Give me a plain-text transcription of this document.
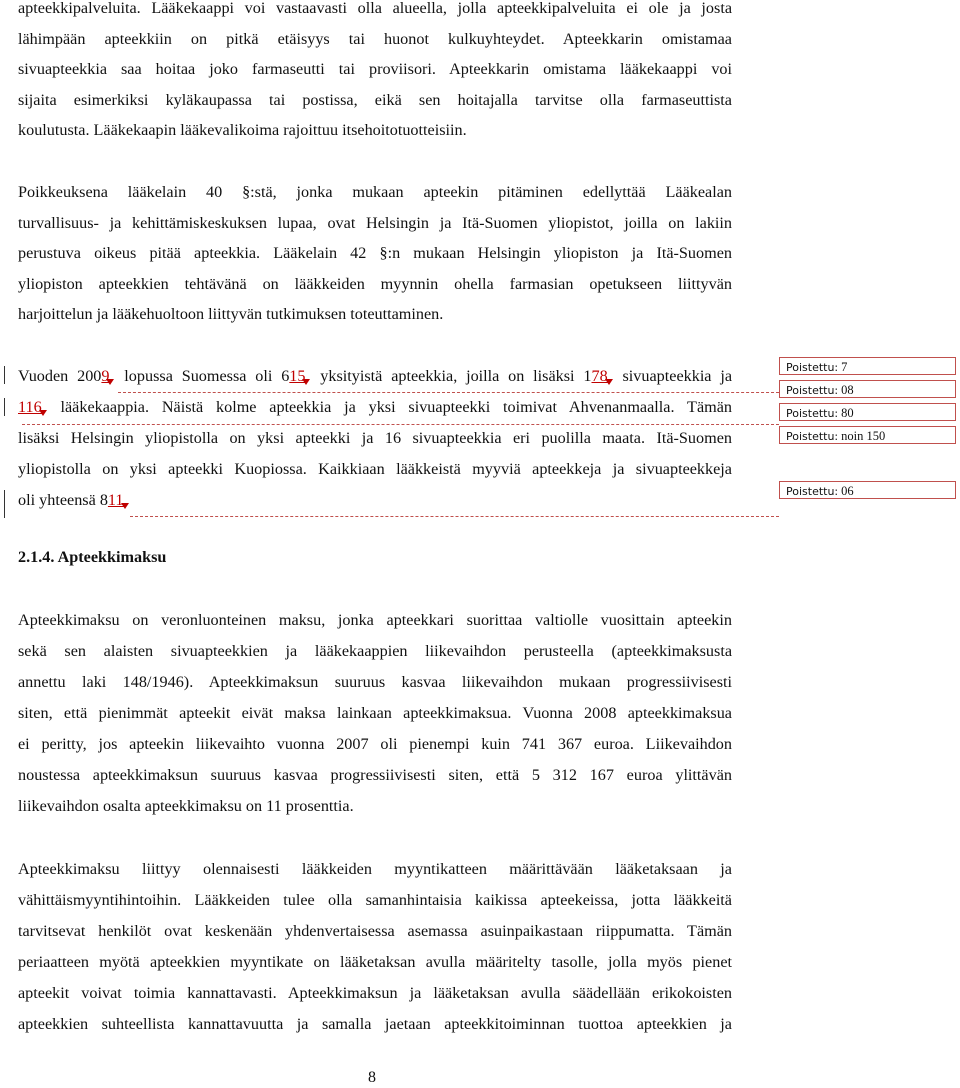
apteekkipalveluita. Lääkekaappi voi vastaavasti olla alueella, jolla apteekkipalveluita ei ole ja josta
lähimpään apteekkiin on pitkä etäisyys tai huonot kulkuyhteydet. Apteekkarin omistamaa
sivuapteekkia saa hoitaa joko farmaseutti tai proviisori. Apteekkarin omistama lääkekaappi voi
sijaita esimerkiksi kyläkaupassa tai postissa, eikä sen hoitajalla tarvitse olla farmaseuttista
koulutusta. Lääkekaapin lääkevalikoima rajoittuu itsehoitotuotteisiin.
Poikkeuksena lääkelain 40 §:stä, jonka mukaan apteekin pitäminen edellyttää Lääkealan
turvallisuus- ja kehittämiskeskuksen lupaa, ovat Helsingin ja Itä-Suomen yliopistot, joilla on lakiin
perustuva oikeus pitää apteekkia. Lääkelain 42 §:n mukaan Helsingin yliopiston ja Itä-Suomen
yliopiston apteekkien tehtävänä on lääkkeiden myynnin ohella farmasian opetukseen liittyvän
harjoittelun ja lääkehuoltoon liittyvän tutkimuksen toteuttaminen.
Vuoden 2009 lopussa Suomessa oli 615 yksityistä apteekkia, joilla on lisäksi 178 sivuapteekkia ja
116 lääkekaappia. Näistä kolme apteekkia ja yksi sivuapteekki toimivat Ahvenanmaalla. Tämän
lisäksi Helsingin yliopistolla on yksi apteekki ja 16 sivuapteekkia eri puolilla maata. Itä-Suomen
yliopistolla on yksi apteekki Kuopiossa. Kaikkiaan lääkkeistä myyviä apteekkeja ja sivuapteekkeja
oli yhteensä 811
Poistettu: 7
Poistettu: 08
Poistettu: 80
Poistettu: noin 150
Poistettu: 06
2.1.4. Apteekkimaksu
Apteekkimaksu on veronluonteinen maksu, jonka apteekkari suorittaa valtiolle vuosittain apteekin
sekä sen alaisten sivuapteekkien ja lääkekaappien liikevaihdon perusteella (apteekkimaksusta
annettu laki 148/1946). Apteekkimaksun suuruus kasvaa liikevaihdon mukaan progressiivisesti
siten, että pienimmät apteekit eivät maksa lainkaan apteekkimaksua. Vuonna 2008 apteekkimaksua
ei peritty, jos apteekin liikevaihto vuonna 2007 oli pienempi kuin 741 367 euroa. Liikevaihdon
noustessa apteekkimaksun suuruus kasvaa progressiivisesti siten, että 5 312 167 euroa ylittävän
liikevaihdon osalta apteekkimaksu on 11 prosenttia.
Apteekkimaksu liittyy olennaisesti lääkkeiden myyntikatteen määrittävään lääketaksaan ja
vähittäismyyntihintoihin. Lääkkeiden tulee olla samanhintaisia kaikissa apteekeissa, jotta lääkkeitä
tarvitsevat henkilöt ovat keskenään yhdenvertaisessa asemassa asuinpaikastaan riippumatta. Tämän
periaatteen myötä apteekkien myyntikate on lääketaksan avulla määritelty tasolle, jolla myös pienet
apteekit voivat toimia kannattavasti. Apteekkimaksun ja lääketaksan avulla säädellään erikokoisten
apteekkien suhteellista kannattavuutta ja samalla jaetaan apteekkitoiminnan tuottoa apteekkien ja
8
